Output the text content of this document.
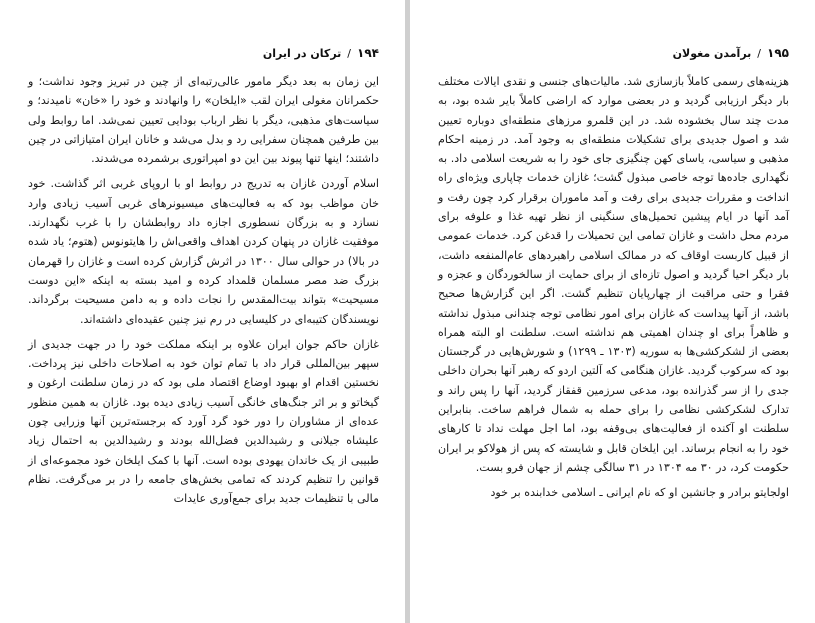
۱۹۴
/
ترکان در ایران

این زمان به بعد دیگر مامور عالی‌رتبه‌ای از چین در تبریز وجود نداشت؛ و حکمرانان مغولی ایران لقب «ایلخان» را وانهادند و خود را «خان» نامیدند؛ و سیاست‌های مذهبی، دیگر با نظر ارباب بودایی تعیین نمی‌شد. اما روابط ولی بین طرفین همچنان سفرایی رد و بدل می‌شد و خانان ایران امتیازاتی در چین داشتند؛ اینها تنها پیوند بین این دو امپراتوری برشمرده می‌شدند.

اسلام آوردن غازان به تدریج در روابط او با اروپای غربی اثر گذاشت. خود خان مواظب بود که به فعالیت‌های میسیونرهای غربی آسیب زیادی وارد نسازد و به بزرگان نسطوری اجازه داد روابطشان را با غرب نگهدارند. موفقیت غازان در پنهان کردن اهداف واقعی‌اش را هایتونوس (هتوم؛ یاد شده در بالا) در حوالی سال ۱۳۰۰ در اثرش گزارش کرده است و غازان را قهرمان بزرگ ضد مصر مسلمان قلمداد کرده و امید بسته به اینکه «این دوست مسیحیت» بتواند بیت‌المقدس را نجات داده و به دامن مسیحیت برگرداند. نویسندگان کتیبه‌ای در کلیسایی در رم نیز چنین عقیده‌ای داشته‌اند.

غازان حاکم جوان ایران علاوه بر اینکه مملکت خود را در جهت جدیدی از سپهر بین‌المللی قرار داد با تمام توان خود به اصلاحات داخلی نیز پرداخت. نخستین اقدام او بهبود اوضاع اقتصاد ملی بود که در زمان سلطنت ارغون و گیخاتو و بر اثر جنگ‌های خانگی آسیب زیادی دیده بود. غازان به همین منظور عده‌ای از مشاوران را دور خود گرد آورد که برجسته‌ترین آنها وزرایی چون علیشاه جیلانی و رشیدالدین فضل‌الله بودند و رشیدالدین به احتمال زیاد طبیبی از یک خاندان یهودی بوده است. آنها با کمک ایلخان خود مجموعه‌ای از قوانین را تنظیم کردند که تمامی بخش‌های جامعه را در بر می‌گرفت. نظام مالی با تنظیمات جدید برای جمع‌آوری عایدات

۱۹۵
/
برآمدن مغولان

هزینه‌های رسمی کاملاً بازسازی شد. مالیات‌های جنسی و نقدی ایالات مختلف بار دیگر ارزیابی گردید و در بعضی موارد که اراضی کاملاً بایر شده بود، به مدت چند سال بخشوده شد. در این قلمرو مرزهای منطقه‌ای دوباره تعیین شد و اصول جدیدی برای تشکیلات منطقه‌ای به وجود آمد. در زمینه احکام مذهبی و سیاسی، یاسای کهن چنگیزی جای خود را به شریعت اسلامی داد. به نگهداری جاده‌ها توجه خاصی مبذول گشت؛ غازان خدمات چاپاری ویژه‌ای راه انداخت و مقررات جدیدی برای رفت و آمد ماموران برقرار کرد چون رفت و آمد آنها در ایام پیشین تحمیل‌های سنگینی از نظر تهیه غذا و علوفه برای مردم محل داشت و غازان تمامی این تحمیلات را قدغن کرد. خدمات عمومی از قبیل کاربست اوقاف که در ممالک اسلامی راهبردهای عام‌المنفعه داشت، بار دیگر احیا گردید و اصول تازه‌ای از برای حمایت از سالخوردگان و عجزه و فقرا و حتی مراقبت از چهارپایان تنظیم گشت. اگر این گزارش‌ها صحیح باشد، از آنها پیداست که غازان برای امور نظامی توجه چندانی مبذول نداشته و ظاهراً برای او چندان اهمیتی هم نداشته است. سلطنت او البته همراه بعضی از لشکرکشی‌ها به سوریه (۱۳۰۳ ـ ۱۲۹۹) و شورش‌هایی در گرجستان بود که سرکوب گردید. غازان هنگامی که آلتین اردو که رهبر آنها بحران داخلی جدی را از سر گذرانده بود، مدعی سرزمین قفقاز گردید، آنها را پس راند و تدارک لشکرکشی نظامی را برای حمله به شمال فراهم ساخت. بنابراین سلطنت او آکنده از فعالیت‌های بی‌وقفه بود، اما اجل مهلت نداد تا کارهای خود را به انجام برساند. این ایلخان قابل و شایسته که پس از هولاکو بر ایران حکومت کرد، در ۳۰ مه ۱۳۰۴ در ۳۱ سالگی چشم از جهان فرو بست.

اولجایتو برادر و جانشین او که نام ایرانی ـ اسلامی خدابنده بر خود
